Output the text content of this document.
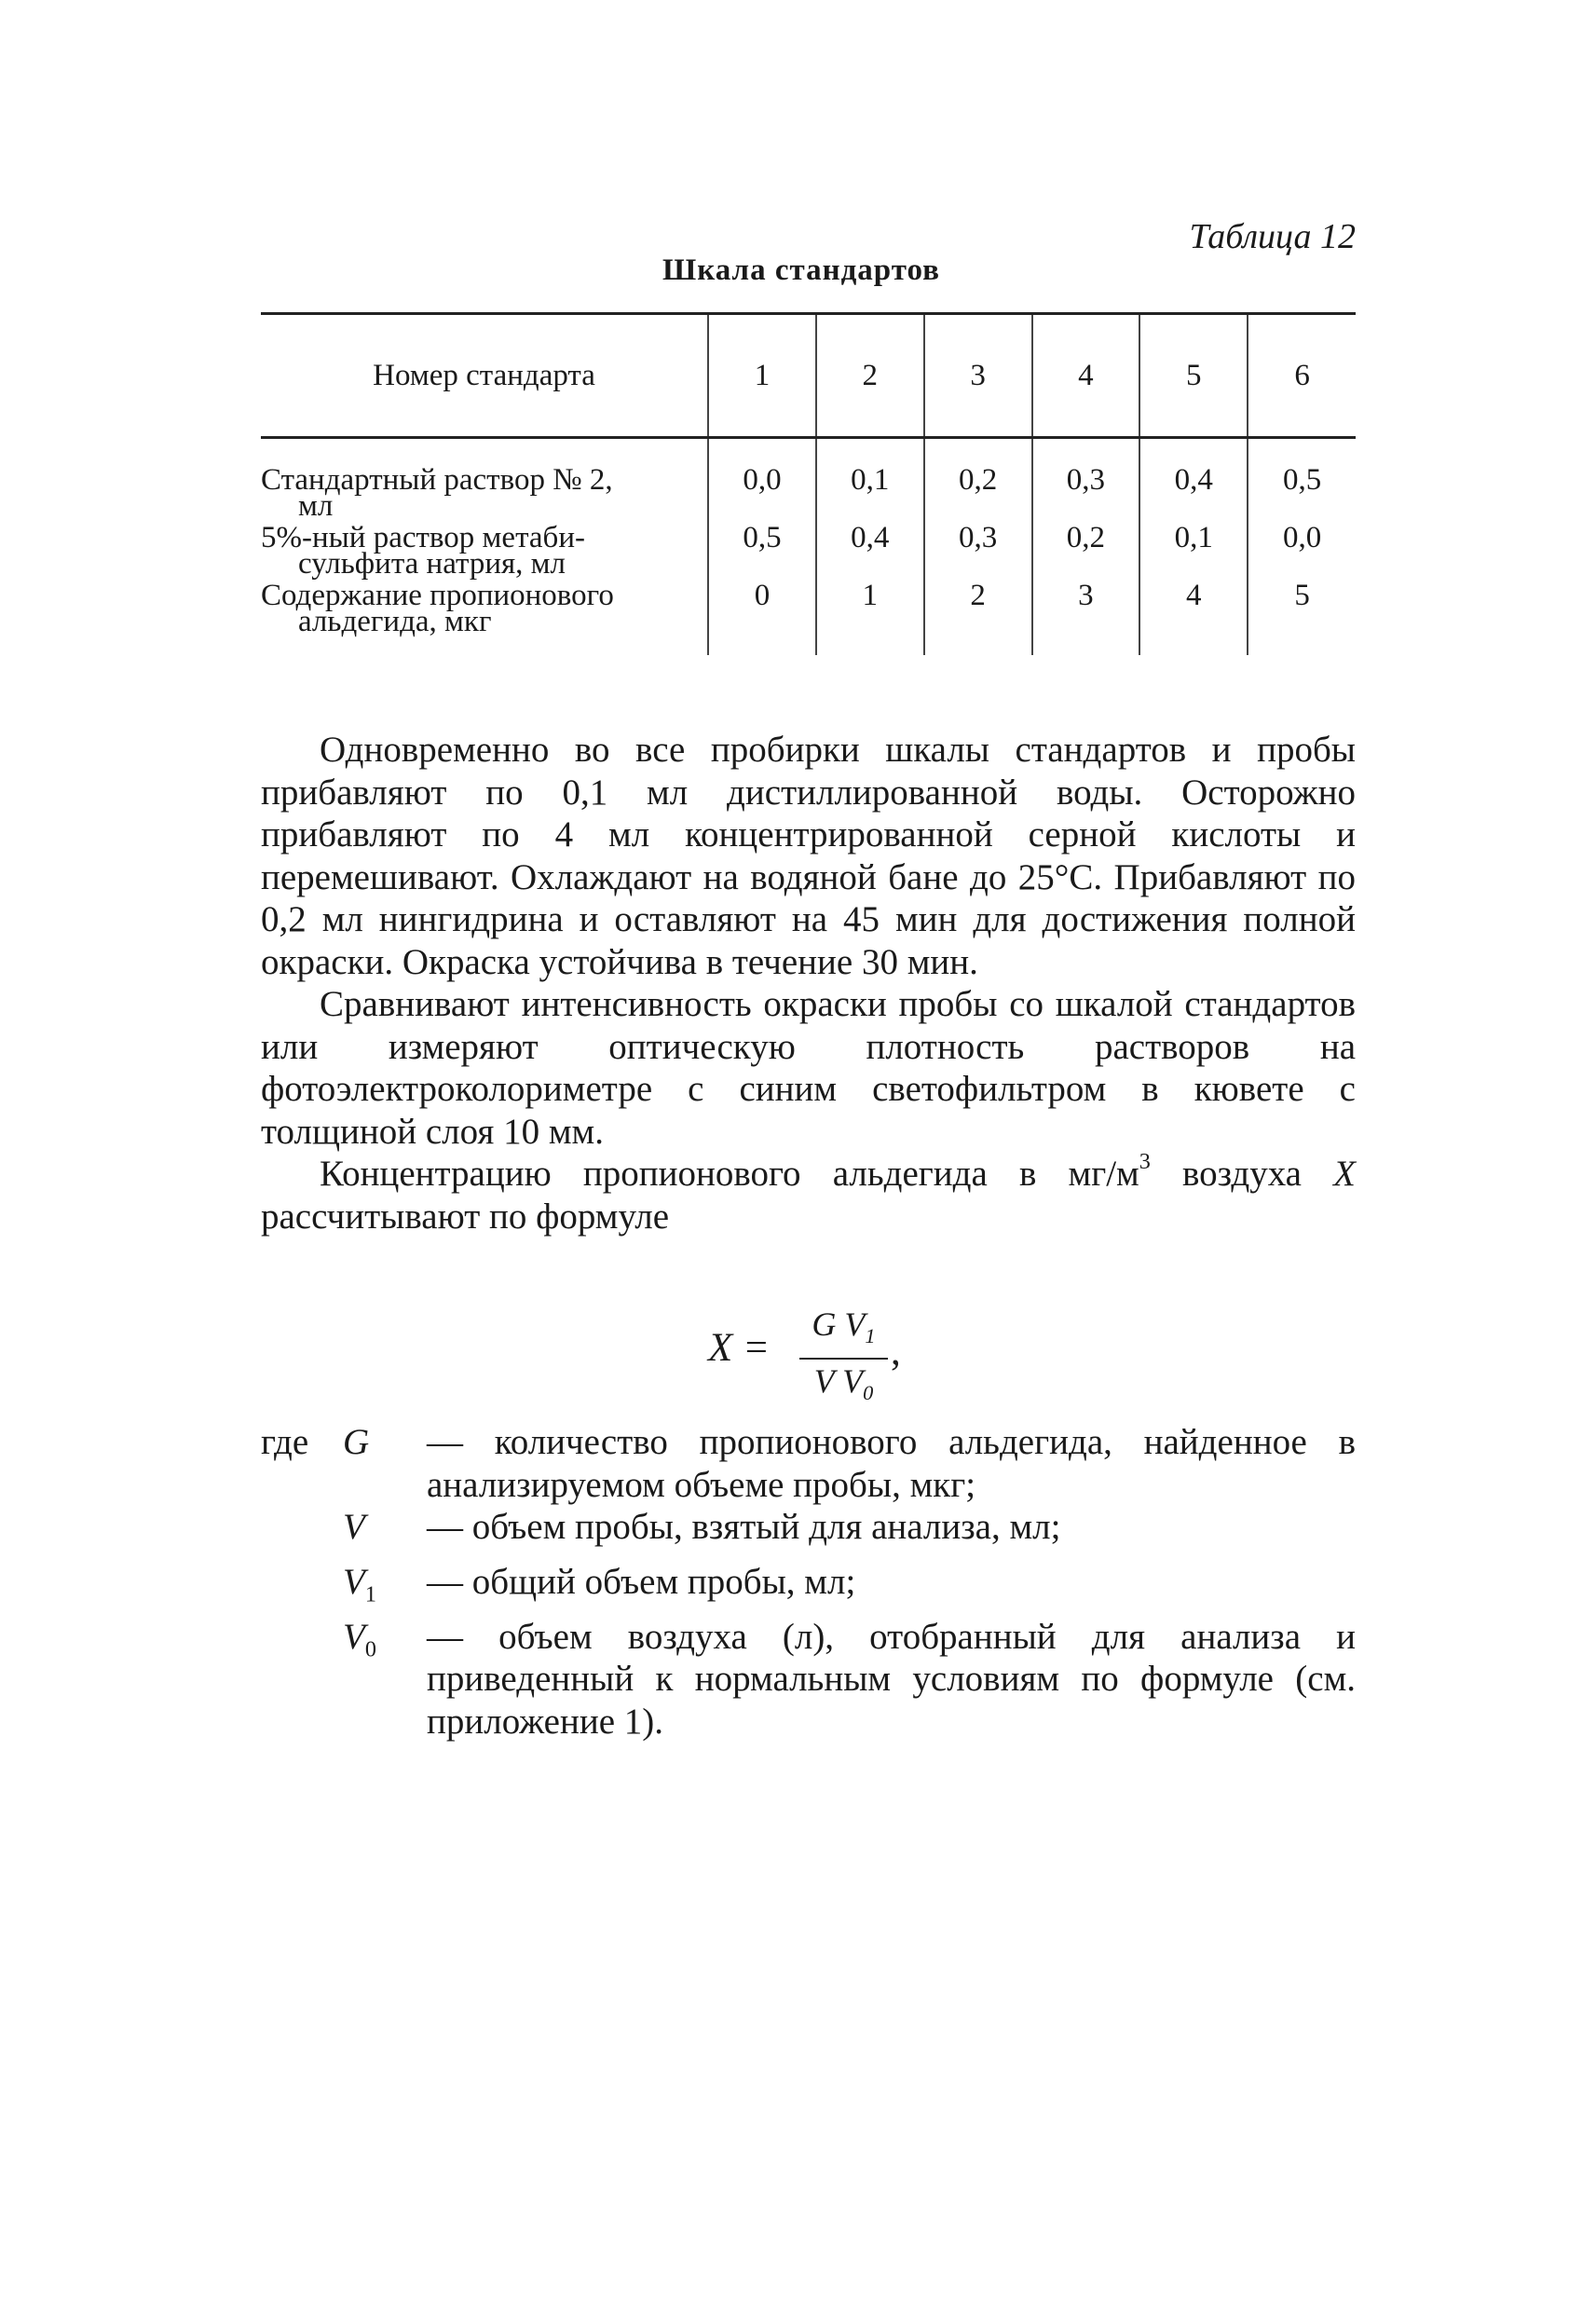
Таблица 12
Шкала стандартов
Номер стандарта	1	2	3	4	5	6
Стандартный раствор № 2,
мл	0,0	0,1	0,2	0,3	0,4	0,5
5%-ный раствор метаби-
сульфита натрия, мл	0,5	0,4	0,3	0,2	0,1	0,0
Содержание пропионового
альдегида, мкг	0	1	2	3	4	5

Одновременно во все пробирки шкалы стандартов и пробы прибавляют по 0,1 мл дистиллированной воды. Осторожно прибавляют по 4 мл концентрированной серной кислоты и перемешивают. Охлаждают на водяной бане до 25°С. Прибавляют по 0,2 мл нингидрина и оставляют на 45 мин для достижения полной окраски. Окраска устойчива в течение 30 мин.

Сравнивают интенсивность окраски пробы со шкалой стандартов или измеряют оптическую плотность растворов на фотоэлектроколориметре с синим светофильтром в кювете с толщиной слоя 10 мм.

Концентрацию пропионового альдегида в $мг/м^3$ воздуха X рассчитывают по формуле

X =
G $V_1$
V $V_0$
,
где G	— количество пропионового альдегида, найденное в анализируемом объеме пробы, мкг;
V	— объем пробы, взятый для анализа, мл;
$V_1$	— общий объем пробы, мл;
$V_0$	— объем воздуха (л), отобранный для анализа и приведенный к нормальным условиям по формуле (см. приложение 1).
